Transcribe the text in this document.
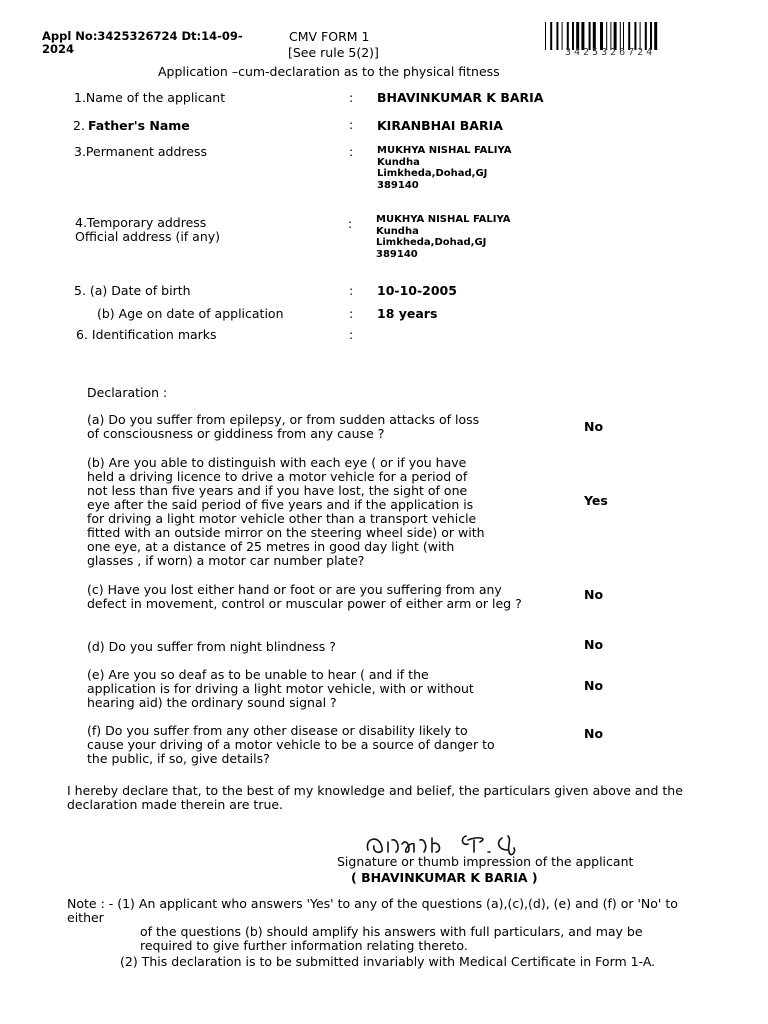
Appl No:3425326724 Dt:14-09-2024
CMV FORM 1
[See rule 5(2)]	3425326724
Application –cum-declaration as to the physical fitness
1.Name of the applicant	: BHAVINKUMAR K BARIA
2. Father's Name	: KIRANBHAI BARIA
3.Permanent address	: MUKHYA NISHAL FALIYA
Kundha
Limkheda,Dohad,GJ
389140
4.Temporary address
Official address (if any)
: MUKHYA NISHAL FALIYA
Kundha
Limkheda,Dohad,GJ
389140
5. (a) Date of birth	: 10-10-2005
(b) Age on date of application	: 18 years
6. Identification marks	:
Declaration :
(a) Do you suffer from epilepsy, or from sudden attacks of loss of consciousness or giddiness from any cause ?	No
(b) Are you able to distinguish with each eye ( or if you have held a driving licence to drive a motor vehicle for a period of not less than five years and if you have lost, the sight of one eye after the said period of five years and if the application is for driving a light motor vehicle other than a transport vehicle fitted with an outside mirror on the steering wheel side) or with one eye, at a distance of 25 metres in good day light (with glasses , if worn) a motor car number plate?
Yes
(c) Have you lost either hand or foot or are you suffering from any defect in movement, control or muscular power of either arm or leg ?
No
(d) Do you suffer from night blindness ?	No
(e) Are you so deaf as to be unable to hear ( and if the application is for driving a light motor vehicle, with or without hearing aid) the ordinary sound signal ?
No
(f) Do you suffer from any other disease or disability likely to cause your driving of a motor vehicle to be a source of danger to the public, if so, give details?
No
I hereby declare that, to the best of my knowledge and belief, the particulars given above and the declaration made therein are true.
Signature or thumb impression of the applicant
( BHAVINKUMAR K BARIA )
Note : - (1) An applicant who answers 'Yes' to any of the questions (a),(c),(d), (e) and (f) or 'No' to either
of the questions (b) should amplify his answers with full particulars, and may be required to give further information relating thereto.
(2) This declaration is to be submitted invariably with Medical Certificate in Form 1-A.
